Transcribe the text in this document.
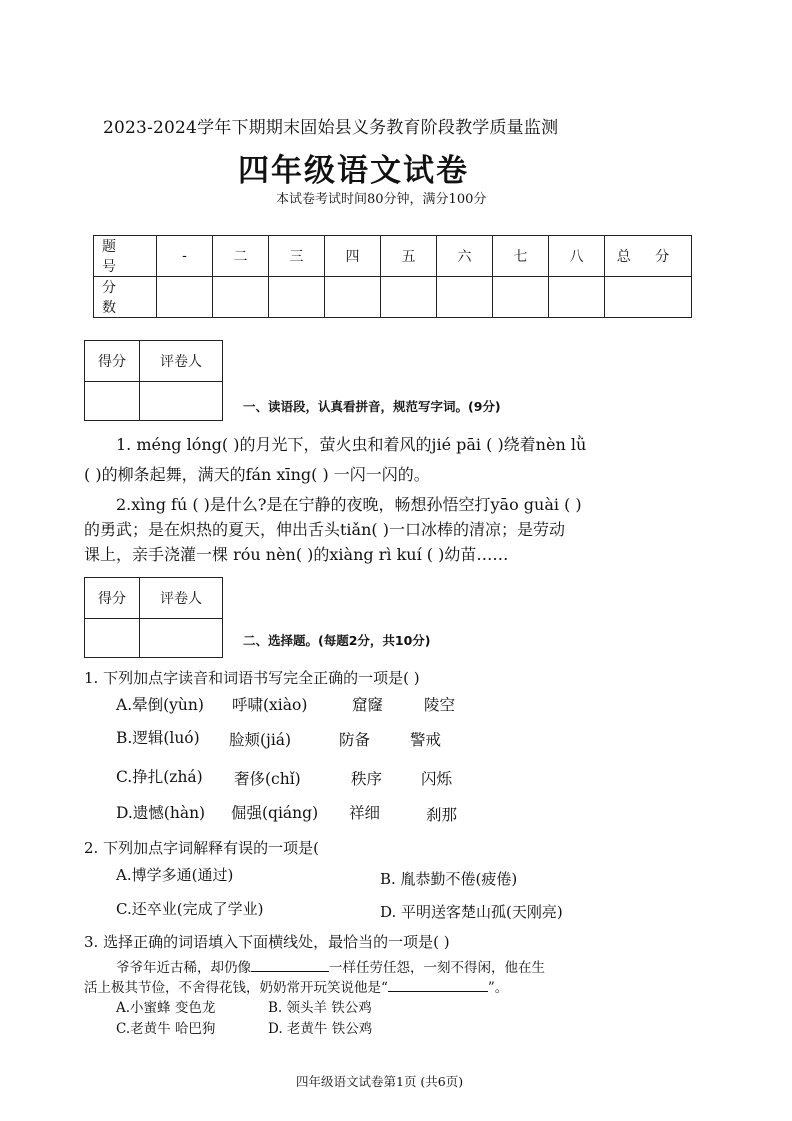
2023-2024学年下期期末固始县义务教育阶段教学质量监测
四年级语文试卷
本试卷考试时间80分钟，满分100分
题 号	-	二	三	四	五	六	七	八	总 分
分 数									
得分	评卷人

一、读语段，认真看拼音，规范写字词。(9分)
1. méng lóng( )的月光下，萤火虫和着风的jié pāi ( )绕着nèn lǜ
( )的柳条起舞，满天的fán xīng( ) 一闪一闪的。
2.xìng fú ( )是什么?是在宁静的夜晚，畅想孙悟空打yāo guài ( )
的勇武；是在炽热的夏天，伸出舌头tiǎn( )一口冰棒的清凉；是劳动
课上，亲手浇灌一棵 róu nèn( )的xiàng rì kuí ( )幼苗……
得分	评卷人

二、选择题。(每题2分，共10分)
1. 下列加点字读音和词语书写完全正确的一项是( )
A.晕倒(yùn) 呼啸(xiào)	窟窿	陵空
B.逻辑(luó) 脸颊(jiá)	防备	警戒
C.挣扎(zhá) 奢侈(chǐ)	秩序	闪烁
D.遗憾(hàn) 倔强(qiáng) 祥细	刹那
2. 下列加点字词解释有误的一项是(
A.博学多通(通过)	B. 胤恭勤不倦(疲倦)
C.还卒业(完成了学业)	D. 平明送客楚山孤(天刚亮)
3. 选择正确的词语填入下面横线处，最恰当的一项是( )
爷爷年近古稀，却仍像	一样任劳任怨，一刻不得闲，他在生
活上极其节俭，不舍得花钱，奶奶常开玩笑说他是“	”。
A.小蜜蜂 变色龙	B. 领头羊 铁公鸡
C.老黄牛 哈巴狗	D. 老黄牛 铁公鸡
四年级语文试卷第1页 (共6页)
